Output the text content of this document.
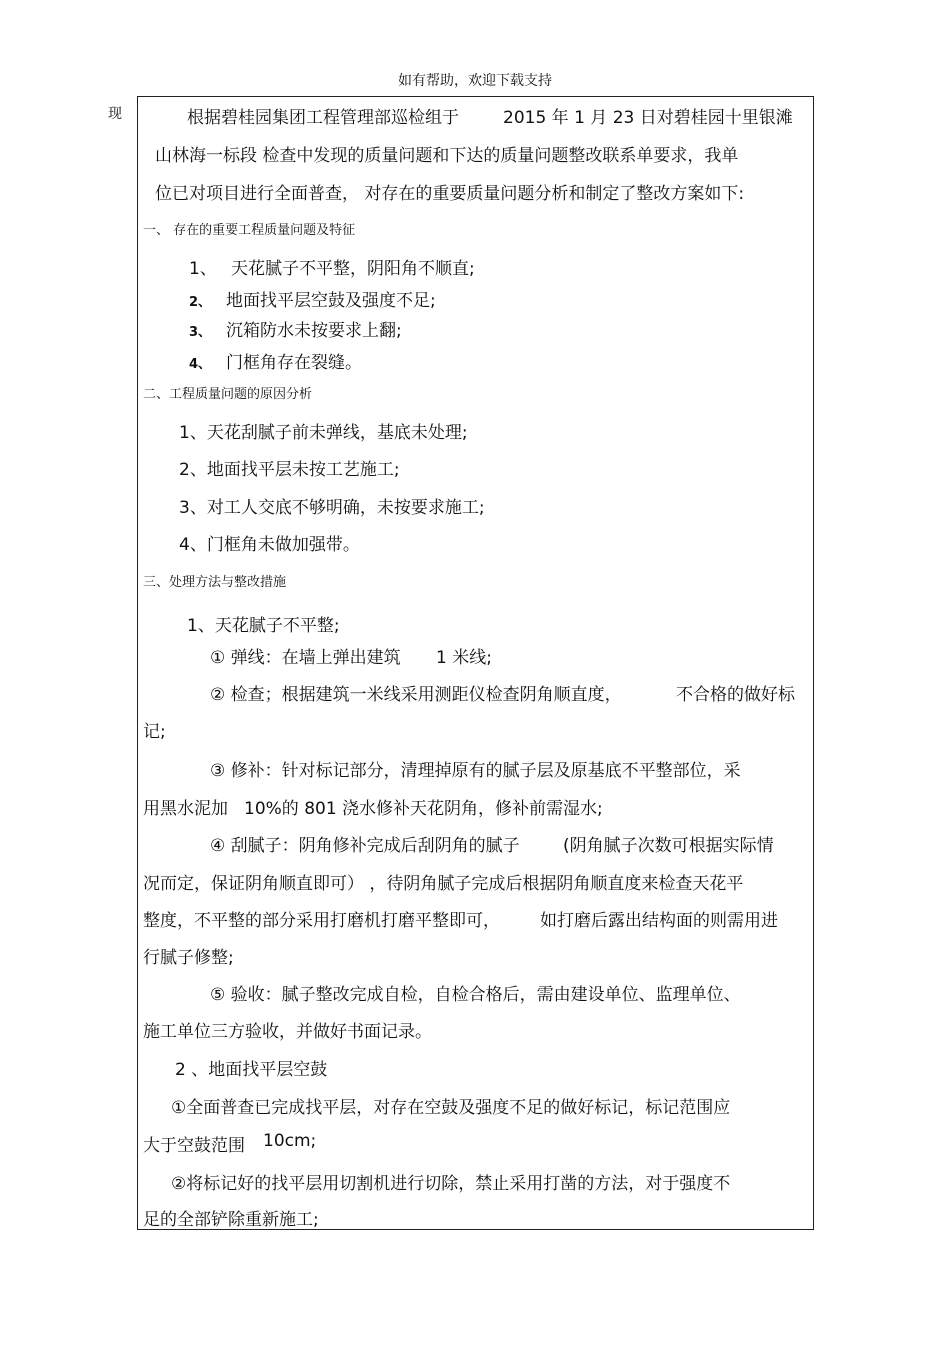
如有帮助，欢迎下载支持
现	根据碧桂园集团工程管理部巡检组于	2015 年 1 月 23 日对碧桂园十里银滩
山林海一标段 检查中发现的质量问题和下达的质量问题整改联系单要求，我单
位已对项目进行全面普查， 对存在的重要质量问题分析和制定了整改方案如下:
一、 存在的重要工程质量问题及特征
1、 天花腻子不平整，阴阳角不顺直;
2、 地面找平层空鼓及强度不足;
3、 沉箱防水未按要求上翻;
4、 门框角存在裂缝。
二、工程质量问题的原因分析
1、天花刮腻子前未弹线，基底未处理;
2、地面找平层未按工艺施工;
3、对工人交底不够明确，未按要求施工;
4、门框角未做加强带。
三、处理方法与整改措施
1、天花腻子不平整;
① 弹线：在墙上弹出建筑 1 米线;
② 检查；根据建筑一米线采用测距仪检查阴角顺直度，	不合格的做好标
记;
③ 修补：针对标记部分，清理掉原有的腻子层及原基底不平整部位，采
用黑水泥加 10%的 801 浇水修补天花阴角，修补前需湿水;
④ 刮腻子：阴角修补完成后刮阴角的腻子	(阴角腻子次数可根据实际情
况而定，保证阴角顺直即可） ，待阴角腻子完成后根据阴角顺直度来检查天花平
整度，不平整的部分采用打磨机打磨平整即可， 如打磨后露出结构面的则需用进
行腻子修整;
⑤ 验收：腻子整改完成自检，自检合格后，需由建设单位、监理单位、
施工单位三方验收，并做好书面记录。
2 、地面找平层空鼓
①全面普查已完成找平层，对存在空鼓及强度不足的做好标记，标记范围应
大于空鼓范围 10cm;
②将标记好的找平层用切割机进行切除，禁止采用打凿的方法，对于强度不
足的全部铲除重新施工;
